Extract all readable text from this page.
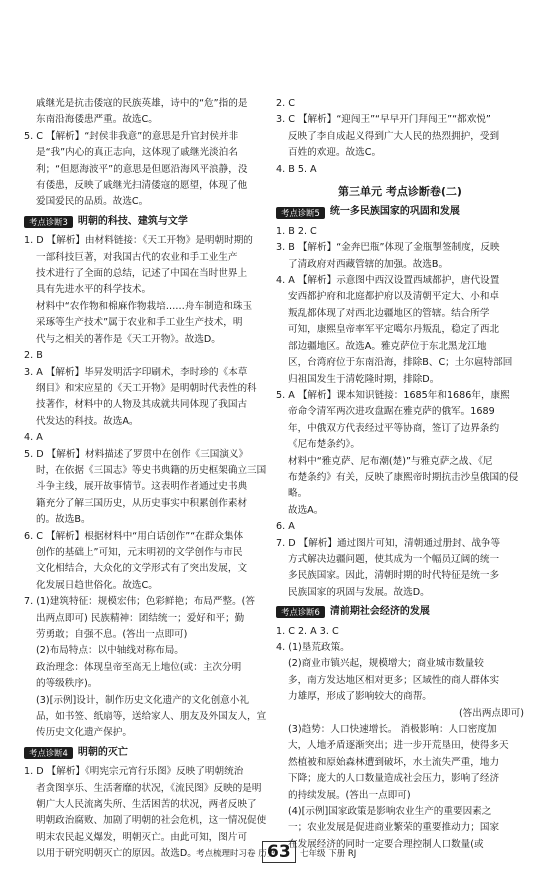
戚继光是抗击倭寇的民族英雄，诗中的“危”指的是

东南沿海倭患严重。故选C。

5. C 【解析】“封侯非我意”的意思是升官封侯并非

是“我”内心的真正志向，这体现了戚继光淡泊名

利；“但愿海波平”的意思是但愿沿海风平浪静，没

有倭患，反映了戚继光扫清倭寇的愿望，体现了他

爱国爱民的品质。故选C。

考点诊断3	明朝的科技、建筑与文学

1. D 【解析】由材料链接：《天工开物》是明朝时期的

一部科技巨著，对我国古代的农业和手工业生产

技术进行了全面的总结，记述了中国在当时世界上

具有先进水平的科学技术。

材料中“农作物和棉麻作物栽培……舟车制造和珠玉

采琢等生产技术”属于农业和手工业生产技术，明

代与之相关的著作是《天工开物》。故选D。

2. B

3. A 【解析】毕昇发明活字印刷术，李时珍的《本草

纲目》和宋应星的《天工开物》是明朝时代表性的科

技著作，材料中的人物及其成就共同体现了我国古

代发达的科技。故选A。

4. A

5. D 【解析】材料描述了罗贯中在创作《三国演义》

时，在依据《三国志》等史书典籍的历史框架确立三国

斗争主线，展开故事情节。这表明作者通过史书典

籍充分了解三国历史，从历史事实中积累创作素材

的。故选B。

6. C 【解析】根据材料中“用白话创作”“在群众集体

创作的基础上”可知，元末明初的文学创作与市民

文化相结合，大众化的文学形式有了突出发展，文

化发展日趋世俗化。故选C。

7. (1)建筑特征：规模宏伟；色彩鲜艳；布局严整。(答

出两点即可) 民族精神：团结统一；爱好和平；勤

劳勇敢；自强不息。(答出一点即可)

(2)布局特点：以中轴线对称布局。

政治理念：体现皇帝至高无上地位(或：主次分明

的等级秩序)。

(3)[示例]设计，制作历史文化遗产的文化创意小礼

品，如书签、纸扇等，送给家人、朋友及外国友人，宣

传历史文化遗产保护。

考点诊断4	明朝的灭亡

1. D 【解析】《明宪宗元宵行乐图》反映了明朝统治

者贪图享乐、生活奢靡的状况，《流民图》反映的是明

朝广大人民流离失所、生活困苦的状况，两者反映了

明朝政治腐败、加剧了明朝的社会危机，这一情况促使

明末农民起义爆发，明朝灭亡。由此可知，图片可

以用于研究明朝灭亡的原因。故选D。

2. C

3. C 【解析】“迎闯王”“早早开门拜闯王”“都欢悦”

反映了李自成起义得到广大人民的热烈拥护，受到

百姓的欢迎。故选C。

4. B 5. A

第三单元 考点诊断卷(二)
考点诊断5	统一多民族国家的巩固和发展

1. B 2. C

3. B 【解析】“金奔巴瓶”体现了金瓶掣签制度，反映

了清政府对西藏管辖的加强。故选B。

4. A 【解析】示意图中西汉设置西域都护，唐代设置

安西都护府和北庭都护府以及清朝平定大、小和卓

叛乱都体现了对西北边疆地区的管辖。结合所学

可知，康熙皇帝率军平定噶尔丹叛乱，稳定了西北

部边疆地区。故选A。雅克萨位于东北黑龙江地

区，台湾府位于东南沿海，排除B、C；土尔扈特部回

归祖国发生于清乾隆时期，排除D。

5. A 【解析】课本知识链接：1685年和1686年，康熙

帝命令清军两次进攻盘踞在雅克萨的俄军。1689

年，中俄双方代表经过平等协商，签订了边界条约

《尼布楚条约》。

材料中“雅克萨、尼布潮(楚)”与雅克萨之战、《尼

布楚条约》有关，反映了康熙帝时期抗击沙皇俄国的侵略。

故选A。

6. A

7. D 【解析】通过图片可知，清朝通过册封、战争等

方式解决边疆问题，使其成为一个幅员辽阔的统一

多民族国家。因此，清朝时期的时代特征是统一多

民族国家的巩固与发展。故选D。

考点诊断6	清前期社会经济的发展

1. C 2. A 3. C

4. (1)垦荒政策。

(2)商业市镇兴起，规模增大；商业城市数量较

多，南方发达地区相对更多；区域性的商人群体实

力雄厚，形成了影响较大的商帮。

(答出两点即可)

(3)趋势：人口快速增长。 消极影响：人口密度加

大，人地矛盾逐渐突出；进一步开荒垦田，使得多天

然植被和原始森林遭到破坏，水土流失严重，地力

下降；庞大的人口数量造成社会压力，影响了经济

的持续发展。(答出一点即可)

(4)[示例]国家政策是影响农业生产的重要因素之

一；农业发展是促进商业繁荣的重要推动力；国家

在发展经济的同时一定要合理控制人口数量(或

考点梳理时习卷 历史
63	七年级 下册 RJ
